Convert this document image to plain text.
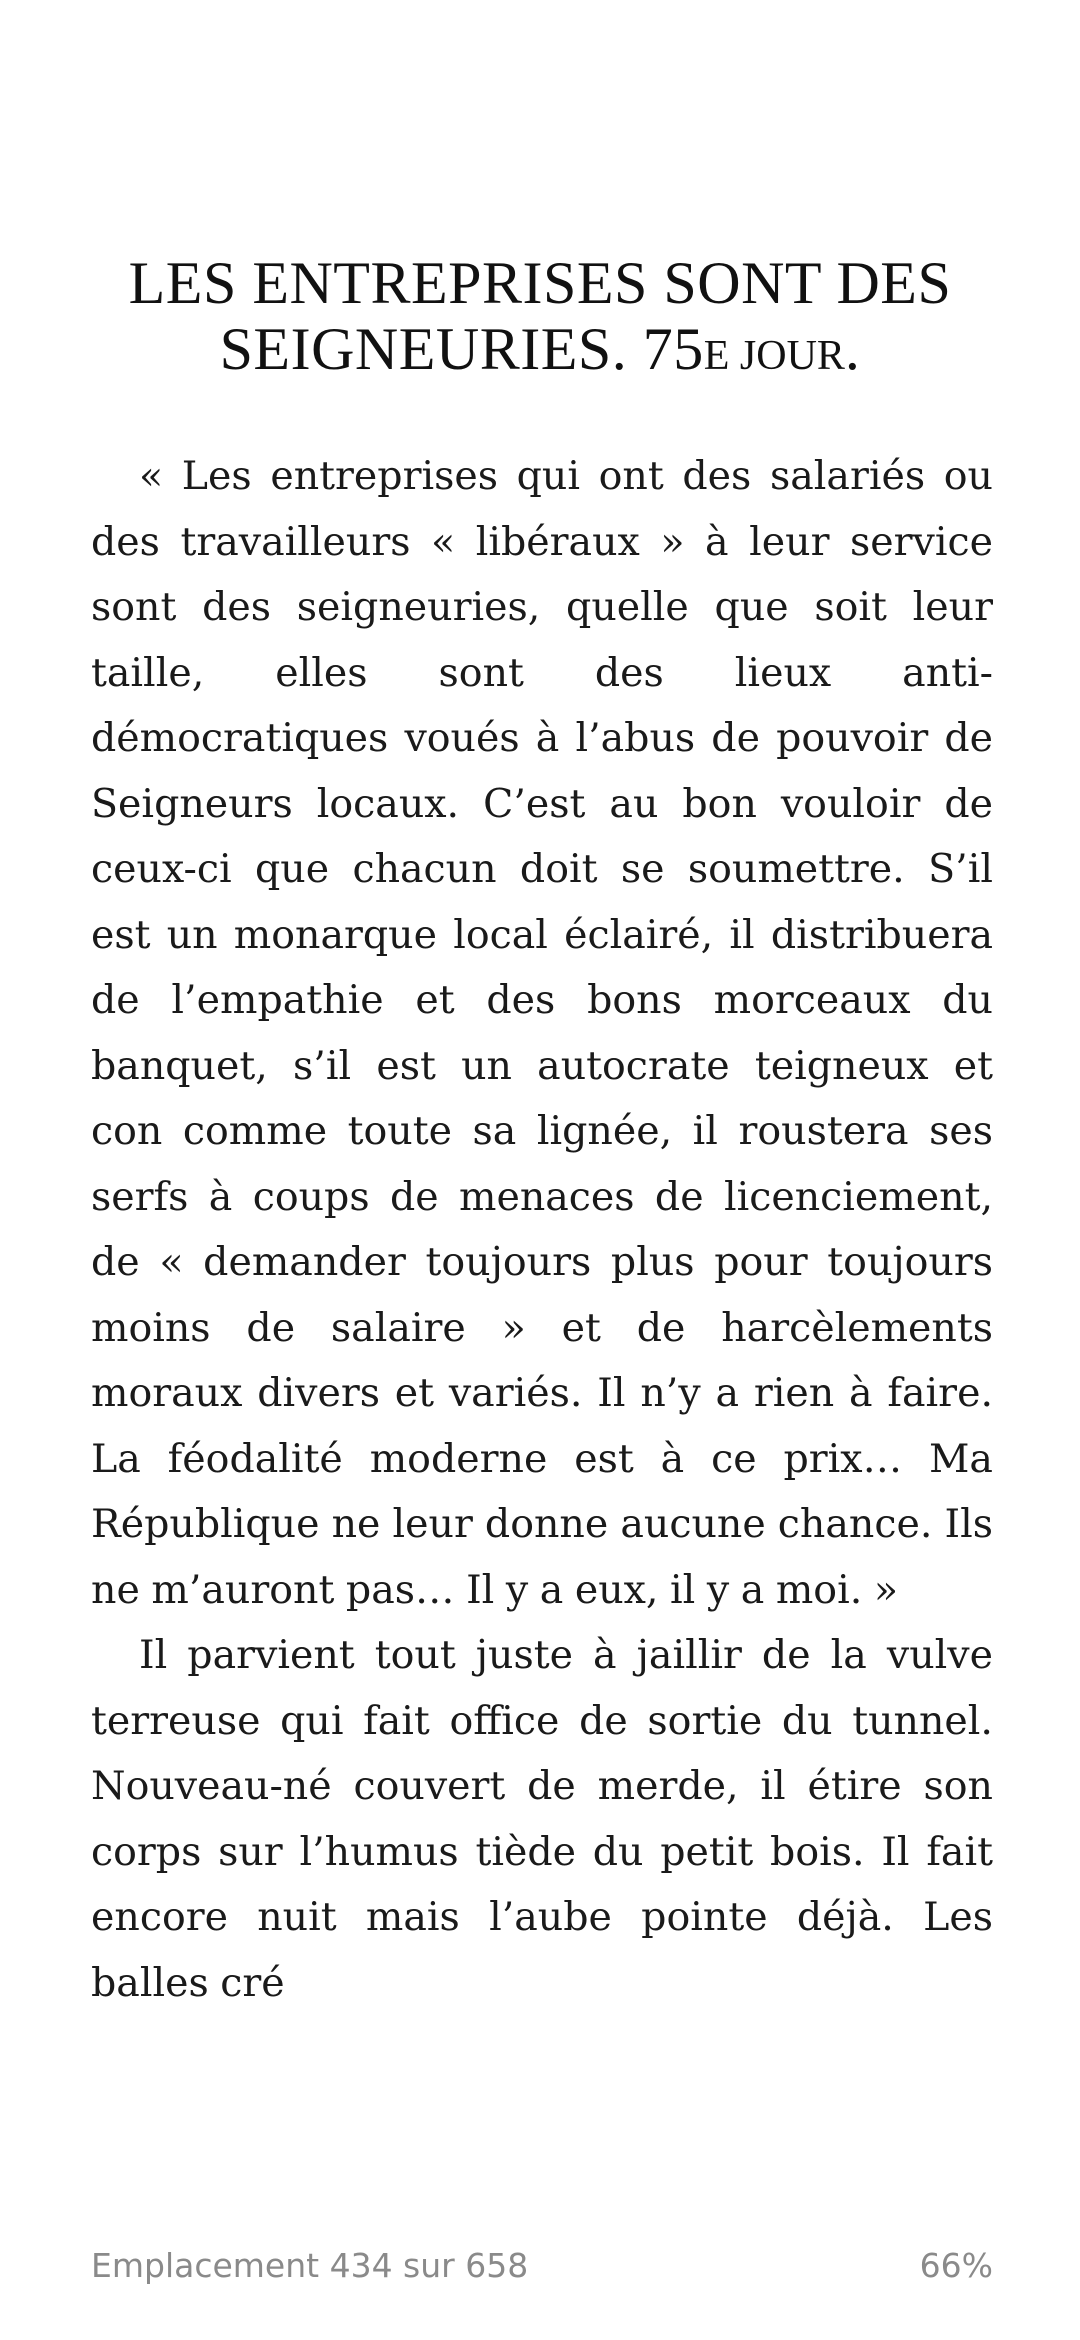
LES ENTREPRISES SONT DES SEIGNEURIES. 75E JOUR.

« Les entreprises qui ont des salariés ou des travailleurs « libéraux » à leur service sont des seigneuries, quelle que soit leur taille, elles sont des lieux anti-démocratiques voués à l’abus de pouvoir de Seigneurs locaux. C’est au bon vouloir de ceux-ci que chacun doit se soumettre. S’il est un monarque local éclairé, il distribuera de l’empathie et des bons morceaux du banquet, s’il est un autocrate teigneux et con comme toute sa lignée, il roustera ses serfs à coups de menaces de licenciement, de « demander toujours plus pour toujours moins de salaire » et de harcèlements moraux divers et variés. Il n’y a rien à faire. La féodalité moderne est à ce prix… Ma République ne leur donne aucune chance. Ils ne m’auront pas… Il y a eux, il y a moi. »

Il parvient tout juste à jaillir de la vulve terreuse qui fait office de sortie du tunnel. Nouveau-né couvert de merde, il étire son corps sur l’humus tiède du petit bois. Il fait encore nuit mais l’aube pointe déjà. Les balles cré

Emplacement 434 sur 658	66%
